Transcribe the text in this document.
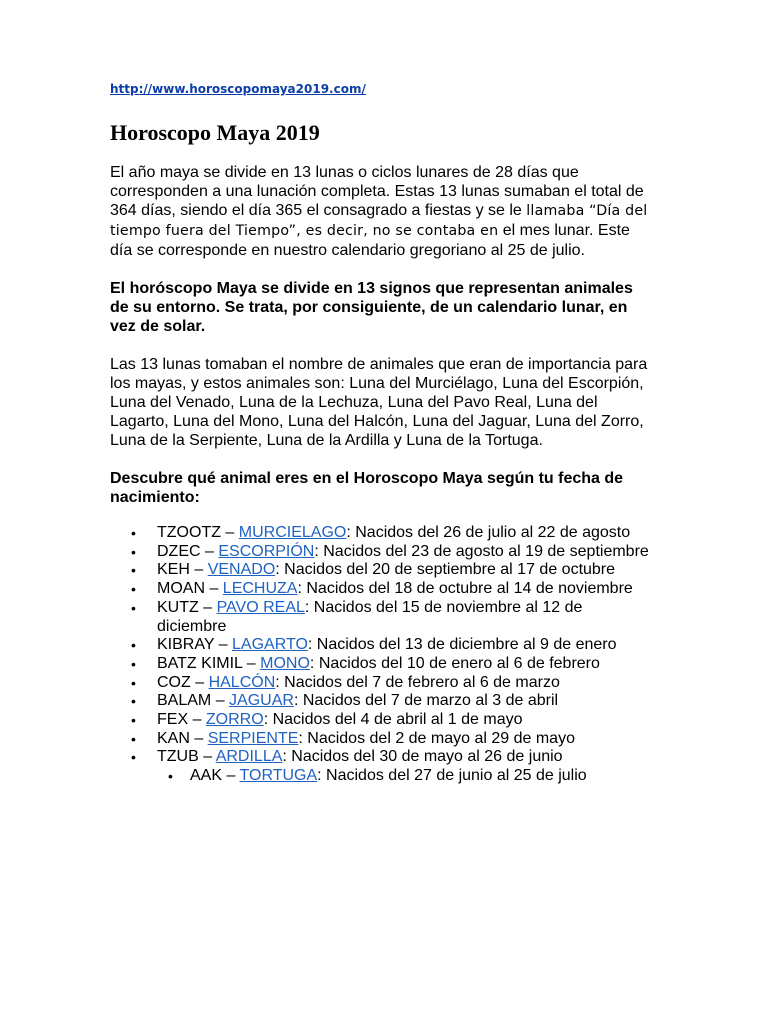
http://www.horoscopomaya2019.com/
Horoscopo Maya 2019

El año maya se divide en 13 lunas o ciclos lunares de 28 días que corresponden a una lunación completa. Estas 13 lunas sumaban el total de 364 días, siendo el día 365 el consagrado a fiestas y se le llamaba “Día del tiempo fuera del Tiempo”, es decir, no se contaba en el mes lunar. Este día se corresponde en nuestro calendario gregoriano al 25 de julio.

El horóscopo Maya se divide en 13 signos que representan animales de su entorno. Se trata, por consiguiente, de un calendario lunar, en vez de solar.

Las 13 lunas tomaban el nombre de animales que eran de importancia para los mayas, y estos animales son: Luna del Murciélago, Luna del Escorpión, Luna del Venado, Luna de la Lechuza, Luna del Pavo Real, Luna del Lagarto, Luna del Mono, Luna del Halcón, Luna del Jaguar, Luna del Zorro, Luna de la Serpiente, Luna de la Ardilla y Luna de la Tortuga.

Descubre qué animal eres en el Horoscopo Maya según tu fecha de nacimiento:

• TZOOTZ – MURCIELAGO: Nacidos del 26 de julio al 22 de agosto
• DZEC – ESCORPIÓN: Nacidos del 23 de agosto al 19 de septiembre
• KEH – VENADO: Nacidos del 20 de septiembre al 17 de octubre
• MOAN – LECHUZA: Nacidos del 18 de octubre al 14 de noviembre
• KUTZ – PAVO REAL: Nacidos del 15 de noviembre al 12 de diciembre
• KIBRAY – LAGARTO: Nacidos del 13 de diciembre al 9 de enero
• BATZ KIMIL – MONO: Nacidos del 10 de enero al 6 de febrero
• COZ – HALCÓN: Nacidos del 7 de febrero al 6 de marzo
• BALAM – JAGUAR: Nacidos del 7 de marzo al 3 de abril
• FEX – ZORRO: Nacidos del 4 de abril al 1 de mayo
• KAN – SERPIENTE: Nacidos del 2 de mayo al 29 de mayo
• TZUB – ARDILLA: Nacidos del 30 de mayo al 26 de junio
• AAK – TORTUGA: Nacidos del 27 de junio al 25 de julio
